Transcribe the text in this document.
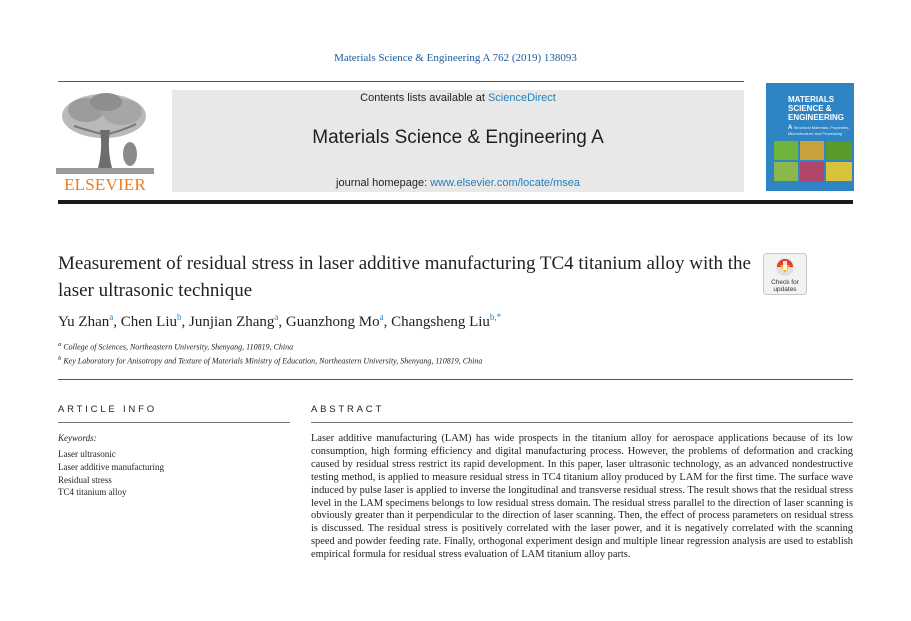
Materials Science & Engineering A 762 (2019) 138093
ELSEVIER
Contents lists available at ScienceDirect
Materials Science & Engineering A
journal homepage: www.elsevier.com/locate/msea
MATERIALS
SCIENCE &
ENGINEERING
A Structural Materials: Properties, Microstructure and Processing
Measurement of residual stress in laser additive manufacturing TC4 titanium alloy with the laser ultrasonic technique	Check for
updates
Yu Zhan$^a$, Chen Liu$^b$, Junjian Zhang$^a$, Guanzhong Mo$^a$, Changsheng Liu$^{b,*}$
$^a$ College of Sciences, Northeastern University, Shenyang, 110819, China
$^b$ Key Laboratory for Anisotropy and Texture of Materials Ministry of Education, Northeastern University, Shenyang, 110819, China
ARTICLE INFO
Keywords:
Laser ultrasonic
Laser additive manufacturing
Residual stress
TC4 titanium alloy
ABSTRACT

Laser additive manufacturing (LAM) has wide prospects in the titanium alloy for aerospace applications because of its low consumption, high forming efficiency and digital manufacturing process. However, the problems of deformation and cracking caused by residual stress restrict its rapid development. In this paper, laser ultrasonic technology, as an advanced nondestructive testing method, is applied to measure residual stress in TC4 titanium alloy produced by LAM for the first time. The surface wave induced by pulse laser is applied to inverse the longitudinal and transverse residual stress. The result shows that the residual stress level in the LAM specimens belongs to low residual stress domain. The residual stress parallel to the direction of laser scanning is obviously greater than it perpendicular to the direction of laser scanning. Then, the effect of process parameters on residual stress is discussed. The residual stress is positively correlated with the laser power, and it is negatively correlated with the scanning speed and powder feeding rate. Finally, orthogonal experiment design and multiple linear regression analysis are used to establish empirical formula for residual stress evaluation of LAM titanium alloy parts.
